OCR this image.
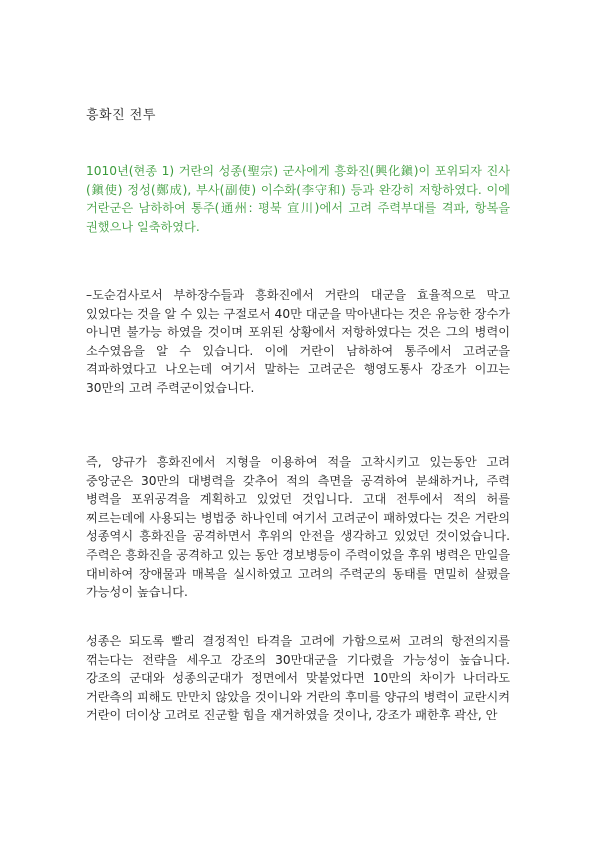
흥화진 전투

1010년(현종 1) 거란의 성종(聖宗) 군사에게 흥화진(興化鎭)이 포위되자 진사(鎭使) 정성(鄭成), 부사(副使) 이수화(李守和) 등과 완강히 저항하였다. 이에 거란군은 남하하여 통주(通州: 평북 宣川)에서 고려 주력부대를 격파, 항복을 권했으나 일축하였다.

–도순검사로서 부하장수들과 흥화진에서 거란의 대군을 효율적으로 막고 있었다는 것을 알 수 있는 구절로서 40만 대군을 막아낸다는 것은 유능한 장수가 아니면 불가능 하였을 것이며 포위된 상황에서 저항하였다는 것은 그의 병력이 소수였음을 알 수 있습니다. 이에 거란이 남하하여 통주에서 고려군을 격파하였다고 나오는데 여기서 말하는 고려군은 행영도통사 강조가 이끄는 30만의 고려 주력군이었습니다.

즉, 양규가 흥화진에서 지형을 이용하여 적을 고착시키고 있는동안 고려 중앙군은 30만의 대병력을 갖추어 적의 측면을 공격하여 분쇄하거나, 주력 병력을 포위공격을 계획하고 있었던 것입니다. 고대 전투에서 적의 허를 찌르는데에 사용되는 병법중 하나인데 여기서 고려군이 패하였다는 것은 거란의 성종역시 흥화진을 공격하면서 후위의 안전을 생각하고 있었던 것이었습니다. 주력은 흥화진을 공격하고 있는 동안 경보병등이 주력이었을 후위 병력은 만일을 대비하여 장애물과 매복을 실시하였고 고려의 주력군의 동태를 면밀히 살폈을 가능성이 높습니다.

성종은 되도록 빨리 결정적인 타격을 고려에 가함으로써 고려의 항전의지를 꺾는다는 전략을 세우고 강조의 30만대군을 기다렸을 가능성이 높습니다. 강조의 군대와 성종의군대가 정면에서 맞붙었다면 10만의 차이가 나더라도 거란측의 피해도 만만치 않았을 것이니와 거란의 후미를 양규의 병력이 교란시켜 거란이 더이상 고려로 진군할 힘을 재거하였을 것이나, 강조가 패한후 곽산, 안
